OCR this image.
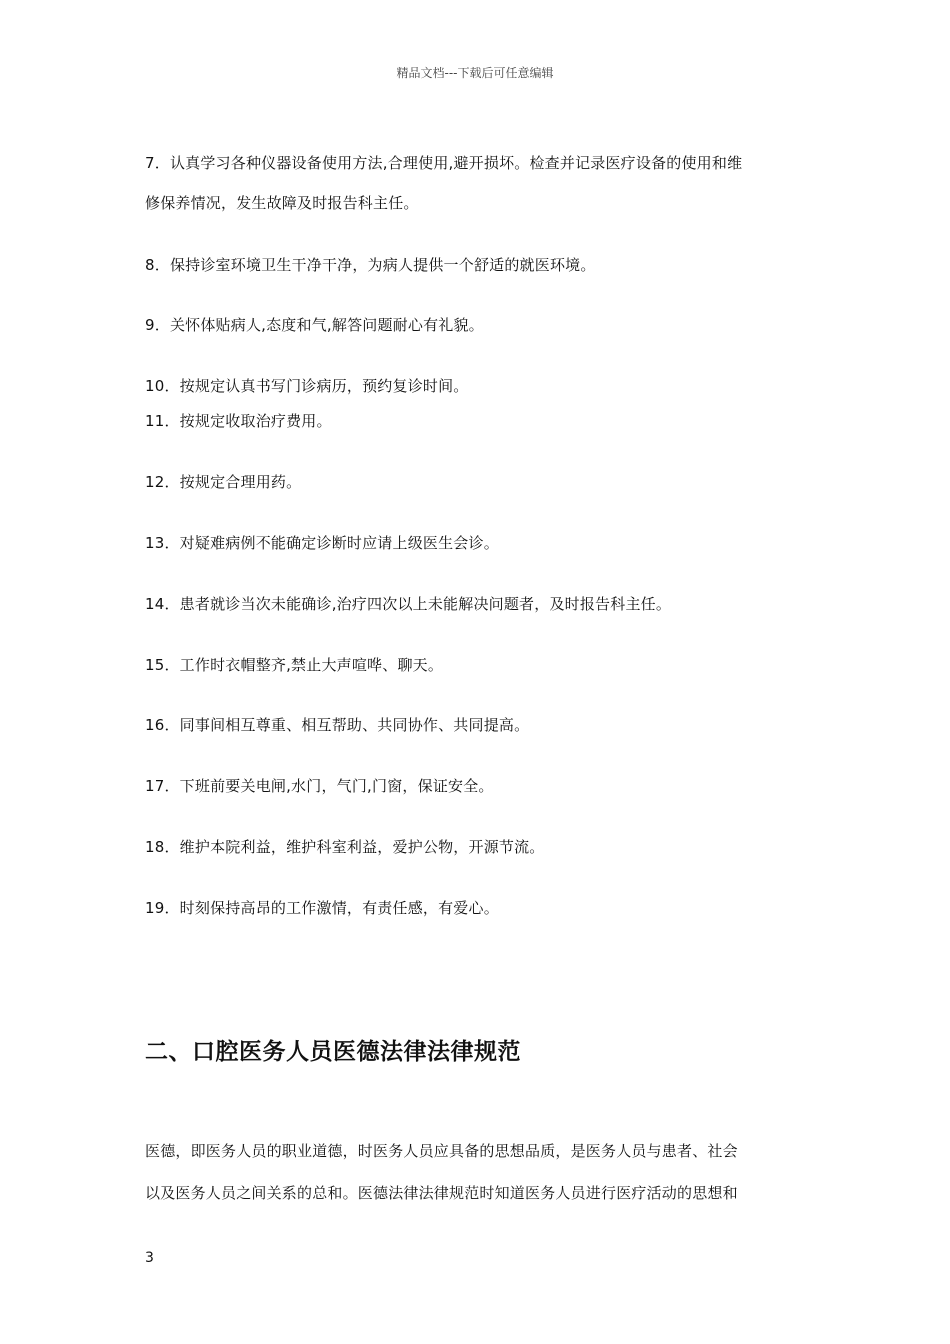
精品文档---下载后可任意编辑
7．认真学习各种仪器设备使用方法,合理使用,避开损坏。检查并记录医疗设备的使用和维
修保养情况，发生故障及时报告科主任。
8．保持诊室环境卫生干净干净，为病人提供一个舒适的就医环境。
9．关怀体贴病人,态度和气,解答问题耐心有礼貌。
10．按规定认真书写门诊病历，预约复诊时间。
11．按规定收取治疗费用。
12．按规定合理用药。
13．对疑难病例不能确定诊断时应请上级医生会诊。
14．患者就诊当次未能确诊,治疗四次以上未能解决问题者，及时报告科主任。
15．工作时衣帽整齐,禁止大声喧哗、聊天。
16．同事间相互尊重、相互帮助、共同协作、共同提高。
17．下班前要关电闸,水门，气门,门窗，保证安全。
18．维护本院利益，维护科室利益，爱护公物，开源节流。
19．时刻保持高昂的工作激情，有责任感，有爱心。
二、口腔医务人员医德法律法律规范
医德，即医务人员的职业道德，时医务人员应具备的思想品质，是医务人员与患者、社会
以及医务人员之间关系的总和。医德法律法律规范时知道医务人员进行医疗活动的思想和
3
